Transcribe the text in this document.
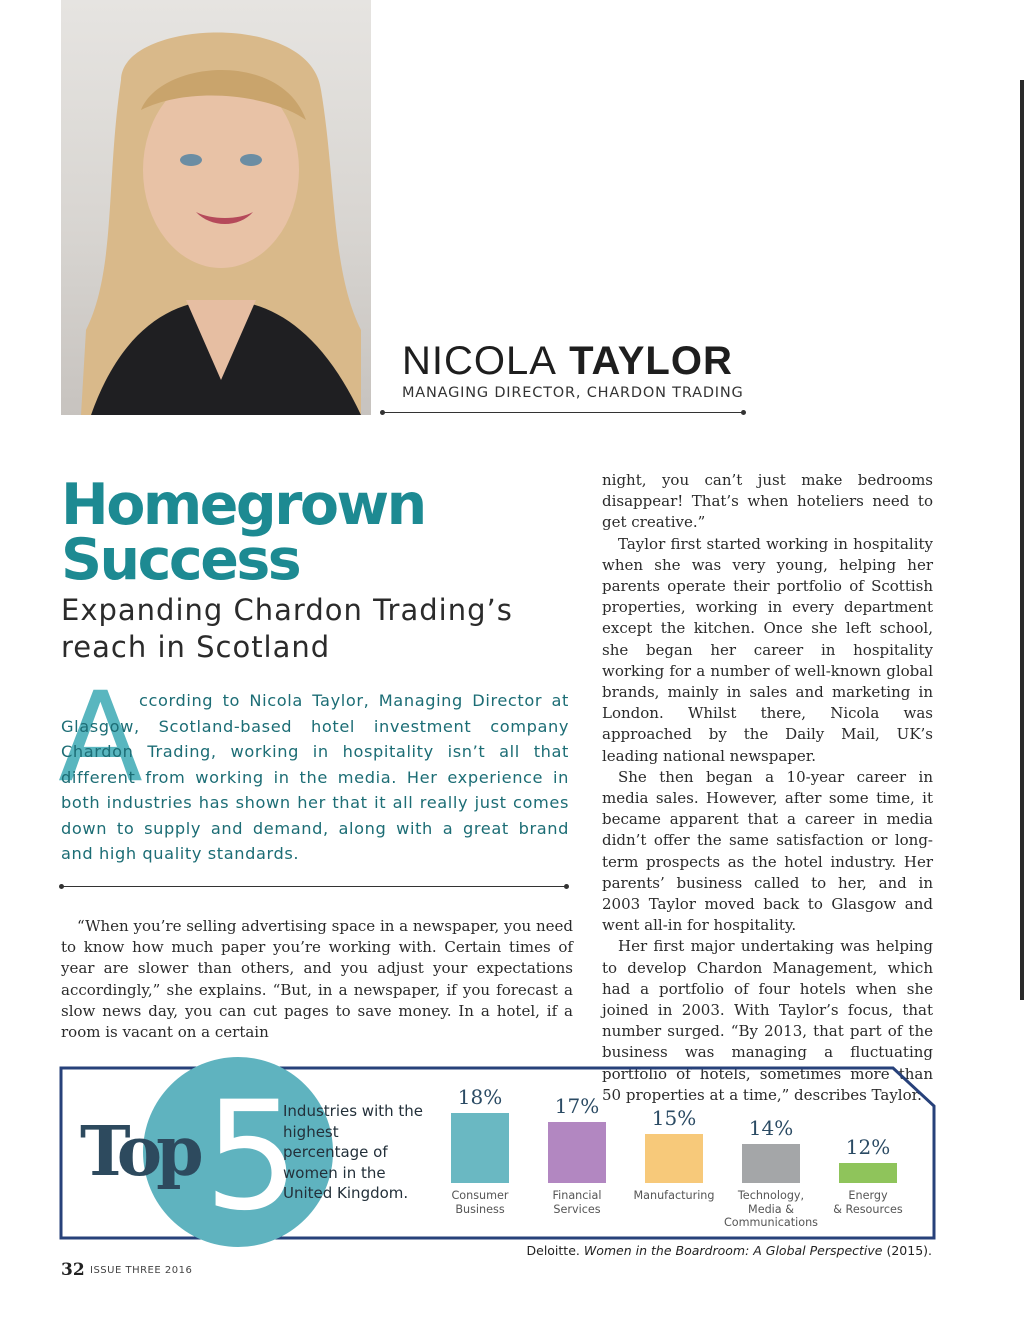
NICOLA TAYLOR
MANAGING DIRECTOR, CHARDON TRADING
Homegrown
Success
Expanding Chardon Trading’s reach in Scotland
A
ccording to Nicola Taylor, Managing Director at Glasgow, Scotland-based hotel investment company Chardon Trading, working in hospitality isn’t all that different from working in the media. Her experience in both industries has shown her that it all really just comes down to supply and demand, along with a great brand and high quality standards.

“When you’re selling advertising space in a newspaper, you need to know how much paper you’re working with. Certain times of year are slower than others, and you adjust your expectations accordingly,” she explains. “But, in a newspaper, if you forecast a slow news day, you can cut pages to save money. In a hotel, if a room is vacant on a certain

night, you can’t just make bedrooms disappear! That’s when hoteliers need to get creative.”

Taylor first started working in hospitality when she was very young, helping her parents operate their portfolio of Scottish properties, working in every department except the kitchen. Once she left school, she began her career in hospitality working for a number of well-known global brands, mainly in sales and marketing in London. Whilst there, Nicola was approached by the Daily Mail, UK’s leading national newspaper.

She then began a 10-year career in media sales. However, after some time, it became apparent that a career in media didn’t offer the same satisfaction or long-term prospects as the hotel industry. Her parents’ business called to her, and in 2003 Taylor moved back to Glasgow and went all-in for hospitality.

Her first major undertaking was helping to develop Chardon Management, which had a portfolio of four hotels when she joined in 2003. With Taylor’s focus, that number surged. “By 2013, that part of the business was managing a fluctuating portfolio of hotels, sometimes more than 50 properties at a time,” describes Taylor.

Top 5
Industries with the highest percentage of women in the United Kingdom.
18%
Consumer
Business
17%
Financial
Services
15%
Manufacturing
14%
Technology,
Media &
Communications
12%
Energy
& Resources
Deloitte. Women in the Boardroom: A Global Perspective (2015).
32 ISSUE THREE 2016
